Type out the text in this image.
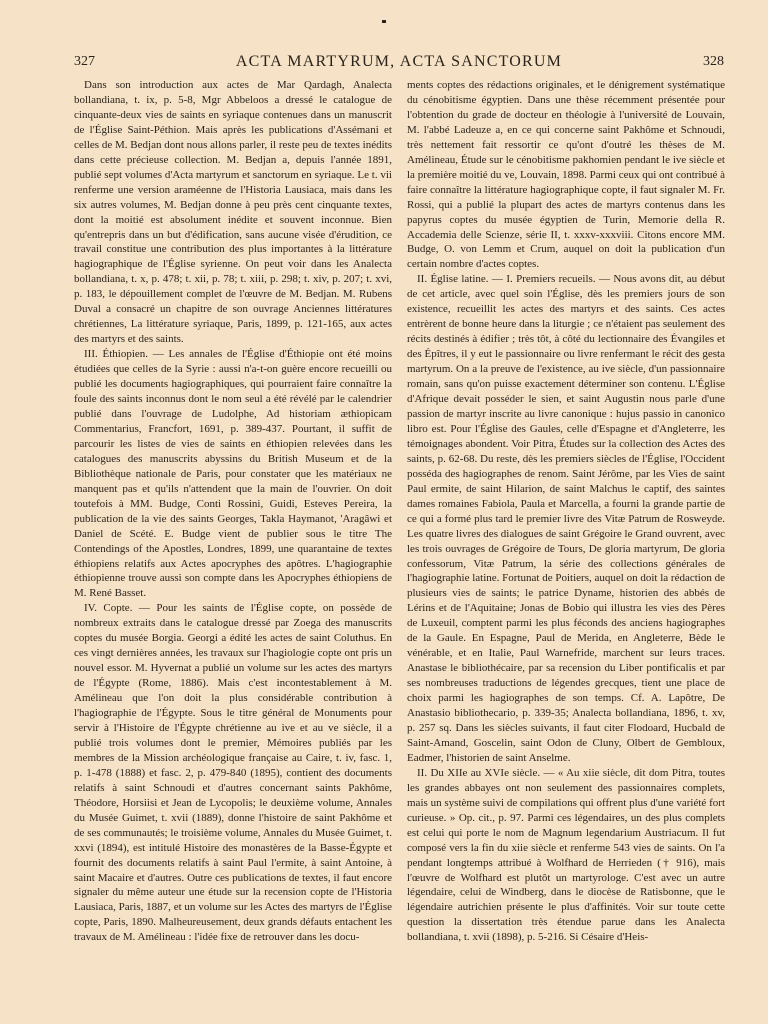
327	ACTA MARTYRUM, ACTA SANCTORUM	328

Dans son introduction aux actes de Mar Qardagh, Analecta bollandiana, t. ix, p. 5-8, Mgr Abbeloos a dressé le catalogue de cinquante-deux vies de saints en syriaque contenues dans un manuscrit de l'Église Saint-Péthion. Mais après les publications d'Assémani et celles de M. Bedjan dont nous allons parler, il reste peu de textes inédits dans cette précieuse collection. M. Bedjan a, depuis l'année 1891, publié sept volumes d'Acta martyrum et sanctorum en syriaque. Le t. vii renferme une version araméenne de l'Historia Lausiaca, mais dans les six autres volumes, M. Bedjan donne à peu près cent cinquante textes, dont la moitié est absolument inédite et souvent inconnue. Bien qu'entrepris dans un but d'édification, sans aucune visée d'érudition, ce travail constitue une contribution des plus importantes à la littérature hagiographique de l'Église syrienne. On peut voir dans les Analecta bollandiana, t. x, p. 478; t. xii, p. 78; t. xiii, p. 298; t. xiv, p. 207; t. xvi, p. 183, le dépouillement complet de l'œuvre de M. Bedjan. M. Rubens Duval a consacré un chapitre de son ouvrage Anciennes littératures chrétiennes, La littérature syriaque, Paris, 1899, p. 121-165, aux actes des martyrs et des saints.

III. Éthiopien. — Les annales de l'Église d'Éthiopie ont été moins étudiées que celles de la Syrie : aussi n'a-t-on guère encore recueilli ou publié les documents hagiographiques, qui pourraient faire connaître la foule des saints inconnus dont le nom seul a été révélé par le calendrier publié dans l'ouvrage de Ludolphe, Ad historiam æthiopicam Commentarius, Francfort, 1691, p. 389-437. Pourtant, il suffit de parcourir les listes de vies de saints en éthiopien relevées dans les catalogues des manuscrits abyssins du British Museum et de la Bibliothèque nationale de Paris, pour constater que les matériaux ne manquent pas et qu'ils n'attendent que la main de l'ouvrier. On doit toutefois à MM. Budge, Conti Rossini, Guidi, Esteves Pereira, la publication de la vie des saints Georges, Takla Haymanot, 'Aragâwi et Daniel de Scété. E. Budge vient de publier sous le titre The Contendings of the Apostles, Londres, 1899, une quarantaine de textes éthiopiens relatifs aux Actes apocryphes des apôtres. L'hagiographie éthiopienne trouve aussi son compte dans les Apocryphes éthiopiens de M. René Basset.

IV. Copte. — Pour les saints de l'Église copte, on possède de nombreux extraits dans le catalogue dressé par Zoega des manuscrits coptes du musée Borgia. Georgi a édité les actes de saint Coluthus. En ces vingt dernières années, les travaux sur l'hagiologie copte ont pris un nouvel essor. M. Hyvernat a publié un volume sur les actes des martyrs de l'Égypte (Rome, 1886). Mais c'est incontestablement à M. Amélineau que l'on doit la plus considérable contribution à l'hagiographie de l'Égypte. Sous le titre général de Monuments pour servir à l'Histoire de l'Égypte chrétienne au ive et au ve siècle, il a publié trois volumes dont le premier, Mémoires publiés par les membres de la Mission archéologique française au Caire, t. iv, fasc. 1, p. 1-478 (1888) et fasc. 2, p. 479-840 (1895), contient des documents relatifs à saint Schnoudi et d'autres concernant saints Pakhôme, Théodore, Horsiisi et Jean de Lycopolis; le deuxième volume, Annales du Musée Guimet, t. xvii (1889), donne l'histoire de saint Pakhôme et de ses communautés; le troisième volume, Annales du Musée Guimet, t. xxvi (1894), est intitulé Histoire des monastères de la Basse-Égypte et fournit des documents relatifs à saint Paul l'ermite, à saint Antoine, à saint Macaire et d'autres. Outre ces publications de textes, il faut encore signaler du même auteur une étude sur la recension copte de l'Historia Lausiaca, Paris, 1887, et un volume sur les Actes des martyrs de l'Église copte, Paris, 1890. Malheureusement, deux grands défauts entachent les travaux de M. Amélineau : l'idée fixe de retrouver dans les docu-

ments coptes des rédactions originales, et le dénigrement systématique du cénobitisme égyptien. Dans une thèse récemment présentée pour l'obtention du grade de docteur en théologie à l'université de Louvain, M. l'abbé Ladeuze a, en ce qui concerne saint Pakhôme et Schnoudi, très nettement fait ressortir ce qu'ont d'outré les thèses de M. Amélineau, Étude sur le cénobitisme pakhomien pendant le ive siècle et la première moitié du ve, Louvain, 1898. Parmi ceux qui ont contribué à faire connaître la littérature hagiographique copte, il faut signaler M. Fr. Rossi, qui a publié la plupart des actes de martyrs contenus dans les papyrus coptes du musée égyptien de Turin, Memorie della R. Accademia delle Scienze, série II, t. xxxv-xxxviii. Citons encore MM. Budge, O. von Lemm et Crum, auquel on doit la publication d'un certain nombre d'actes coptes.

II. Église latine. — I. Premiers recueils. — Nous avons dit, au début de cet article, avec quel soin l'Église, dès les premiers jours de son existence, recueillit les actes des martyrs et des saints. Ces actes entrèrent de bonne heure dans la liturgie ; ce n'étaient pas seulement des récits destinés à édifier ; très tôt, à côté du lectionnaire des Évangiles et des Épîtres, il y eut le passionnaire ou livre renfermant le récit des gesta martyrum. On a la preuve de l'existence, au ive siècle, d'un passionnaire romain, sans qu'on puisse exactement déterminer son contenu. L'Église d'Afrique devait posséder le sien, et saint Augustin nous parle d'une passion de martyr inscrite au livre canonique : hujus passio in canonico libro est. Pour l'Église des Gaules, celle d'Espagne et d'Angleterre, les témoignages abondent. Voir Pitra, Études sur la collection des Actes des saints, p. 62-68. Du reste, dès les premiers siècles de l'Église, l'Occident posséda des hagiographes de renom. Saint Jérôme, par les Vies de saint Paul ermite, de saint Hilarion, de saint Malchus le captif, des saintes dames romaines Fabiola, Paula et Marcella, a fourni la grande partie de ce qui a formé plus tard le premier livre des Vitæ Patrum de Rosweyde. Les quatre livres des dialogues de saint Grégoire le Grand ouvrent, avec les trois ouvrages de Grégoire de Tours, De gloria martyrum, De gloria confessorum, Vitæ Patrum, la série des collections générales de l'hagiographie latine. Fortunat de Poitiers, auquel on doit la rédaction de plusieurs vies de saints; le patrice Dyname, historien des abbés de Lérins et de l'Aquitaine; Jonas de Bobio qui illustra les vies des Pères de Luxeuil, comptent parmi les plus féconds des anciens hagiographes de la Gaule. En Espagne, Paul de Merida, en Angleterre, Bède le vénérable, et en Italie, Paul Warnefride, marchent sur leurs traces. Anastase le bibliothécaire, par sa recension du Liber pontificalis et par ses nombreuses traductions de légendes grecques, tient une place de choix parmi les hagiographes de son temps. Cf. A. Lapôtre, De Anastasio bibliothecario, p. 339-35; Analecta bollandiana, 1896, t. xv, p. 257 sq. Dans les siècles suivants, il faut citer Flodoard, Hucbald de Saint-Amand, Goscelin, saint Odon de Cluny, Olbert de Gembloux, Eadmer, l'historien de saint Anselme.

II. Du XIIe au XVIe siècle. — « Au xiie siècle, dit dom Pitra, toutes les grandes abbayes ont non seulement des passionnaires complets, mais un système suivi de compilations qui offrent plus d'une variété fort curieuse. » Op. cit., p. 97. Parmi ces légendaires, un des plus complets est celui qui porte le nom de Magnum legendarium Austriacum. Il fut composé vers la fin du xiie siècle et renferme 543 vies de saints. On l'a pendant longtemps attribué à Wolfhard de Herrieden († 916), mais l'œuvre de Wolfhard est plutôt un martyrologe. C'est avec un autre légendaire, celui de Windberg, dans le diocèse de Ratisbonne, que le légendaire autrichien présente le plus d'affinités. Voir sur toute cette question la dissertation très étendue parue dans les Analecta bollandiana, t. xvii (1898), p. 5-216. Si Césaire d'Heis-
